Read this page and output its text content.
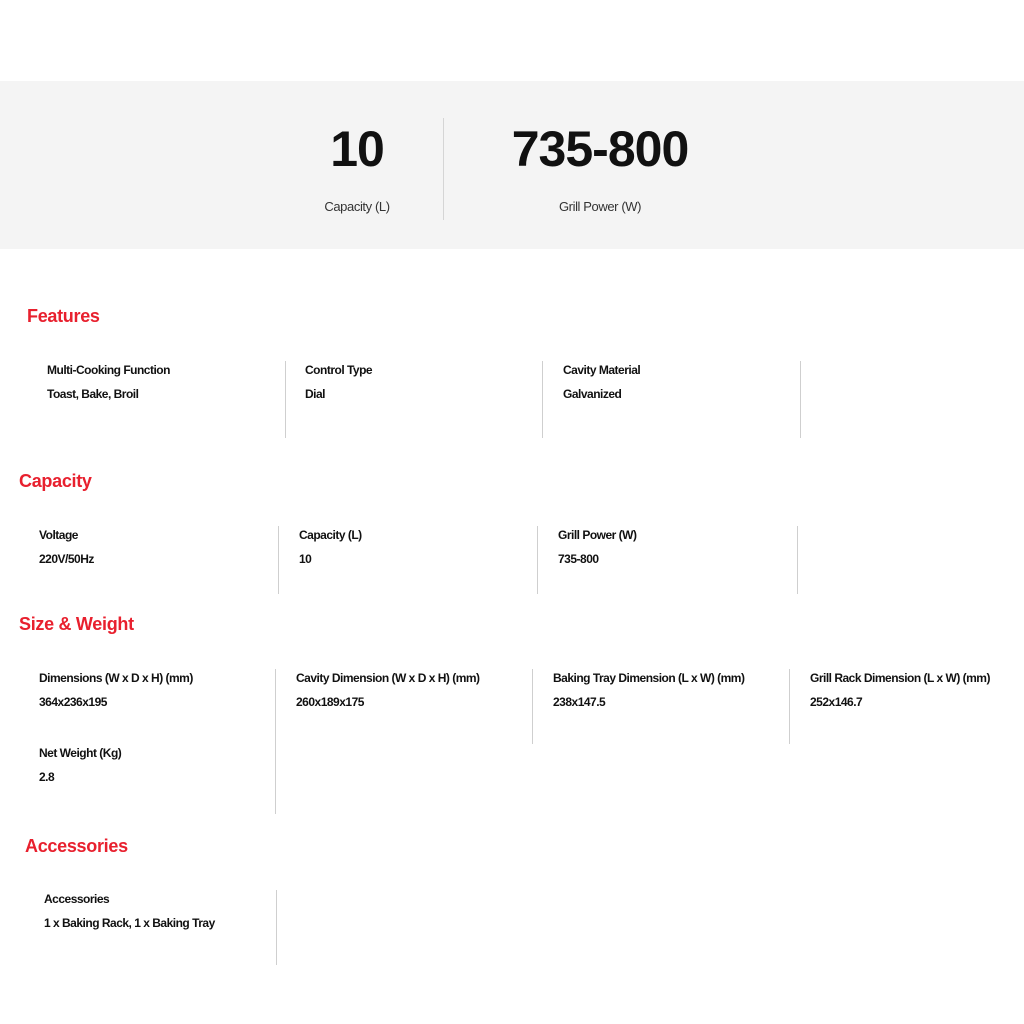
10
Capacity (L)
735-800
Grill Power (W)
Features
Multi-Cooking Function
Toast, Bake, Broil
Control Type
Dial
Cavity Material
Galvanized
Capacity
Voltage
220V/50Hz
Capacity (L)
10
Grill Power (W)
735-800
Size & Weight
Dimensions (W x D x H) (mm)
364x236x195
Net Weight (Kg)
2.8
Cavity Dimension (W x D x H) (mm)
260x189x175
Baking Tray Dimension (L x W) (mm)
238x147.5
Grill Rack Dimension (L x W) (mm)
252x146.7
Accessories
Accessories
1 x Baking Rack, 1 x Baking Tray
